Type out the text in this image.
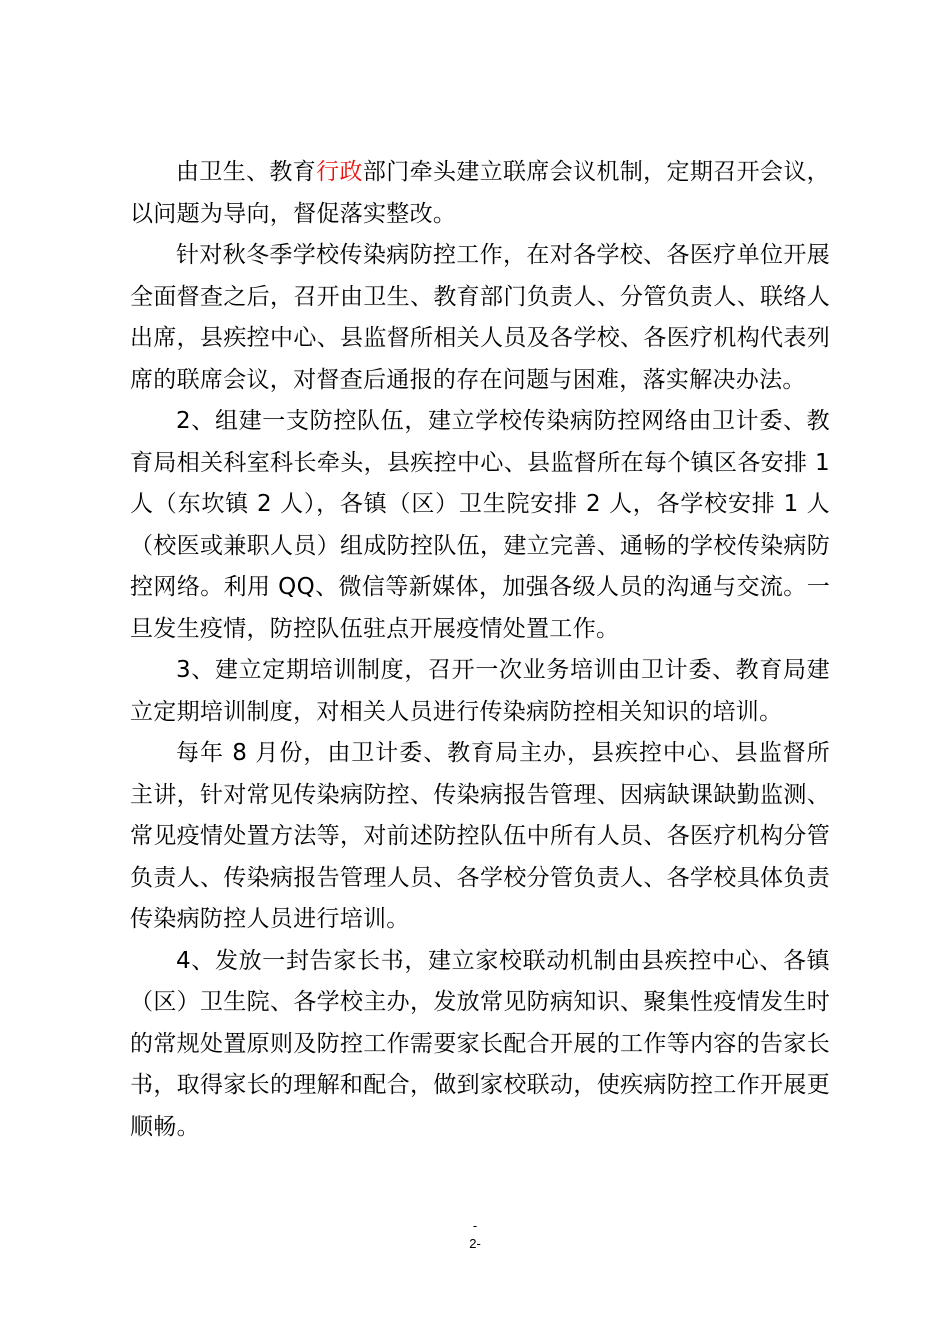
由卫生、教育行政部门牵头建立联席会议机制，定期召开会议，以问题为导向，督促落实整改。

针对秋冬季学校传染病防控工作，在对各学校、各医疗单位开展全面督查之后，召开由卫生、教育部门负责人、分管负责人、联络人出席，县疾控中心、县监督所相关人员及各学校、各医疗机构代表列席的联席会议，对督查后通报的存在问题与困难，落实解决办法。

2、组建一支防控队伍，建立学校传染病防控网络由卫计委、教育局相关科室科长牵头，县疾控中心、县监督所在每个镇区各安排 1 人（东坎镇 2 人），各镇（区）卫生院安排 2 人，各学校安排 1 人（校医或兼职人员）组成防控队伍，建立完善、通畅的学校传染病防控网络。利用 QQ、微信等新媒体，加强各级人员的沟通与交流。一旦发生疫情，防控队伍驻点开展疫情处置工作。

3、建立定期培训制度，召开一次业务培训由卫计委、教育局建立定期培训制度，对相关人员进行传染病防控相关知识的培训。

每年 8 月份，由卫计委、教育局主办，县疾控中心、县监督所主讲，针对常见传染病防控、传染病报告管理、因病缺课缺勤监测、常见疫情处置方法等，对前述防控队伍中所有人员、各医疗机构分管负责人、传染病报告管理人员、各学校分管负责人、各学校具体负责传染病防控人员进行培训。

4、发放一封告家长书，建立家校联动机制由县疾控中心、各镇（区）卫生院、各学校主办，发放常见防病知识、聚集性疫情发生时的常规处置原则及防控工作需要家长配合开展的工作等内容的告家长书，取得家长的理解和配合，做到家校联动，使疾病防控工作开展更顺畅。

-
2-
